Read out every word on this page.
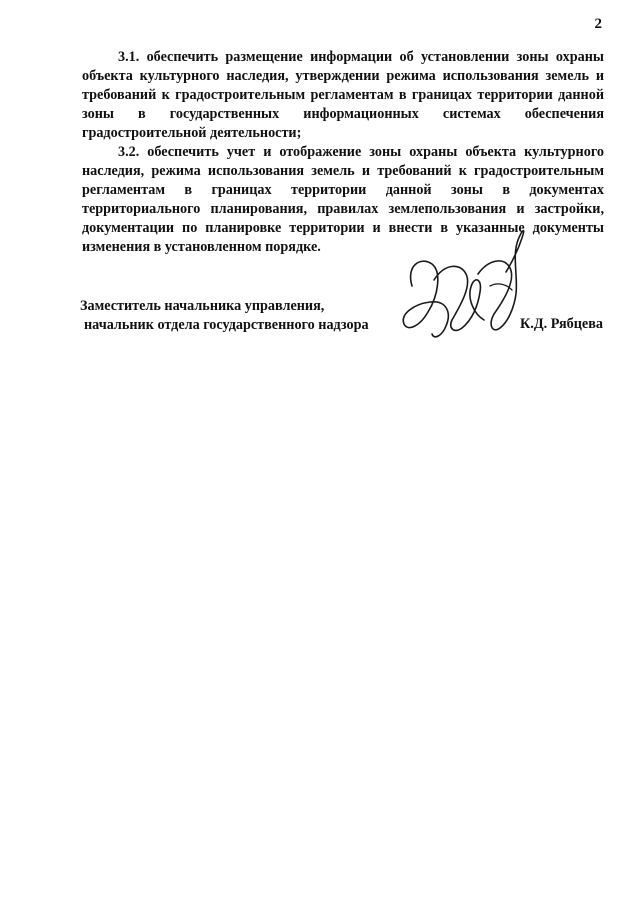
2

3.1. обеспечить размещение информации об установлении зоны охраны объекта культурного наследия, утверждении режима использования земель и требований к градостроительным регламентам в границах территории данной зоны в государственных информационных системах обеспечения градостроительной деятельности;

3.2. обеспечить учет и отображение зоны охраны объекта культурного наследия, режима использования земель и требований к градостроительным регламентам в границах территории данной зоны в документах территориального планирования, правилах землепользования и застройки, документации по планировке территории и внести в указанные документы изменения в установленном порядке.

Заместитель начальника управления,
начальник отдела государственного надзора	К.Д. Рябцева
